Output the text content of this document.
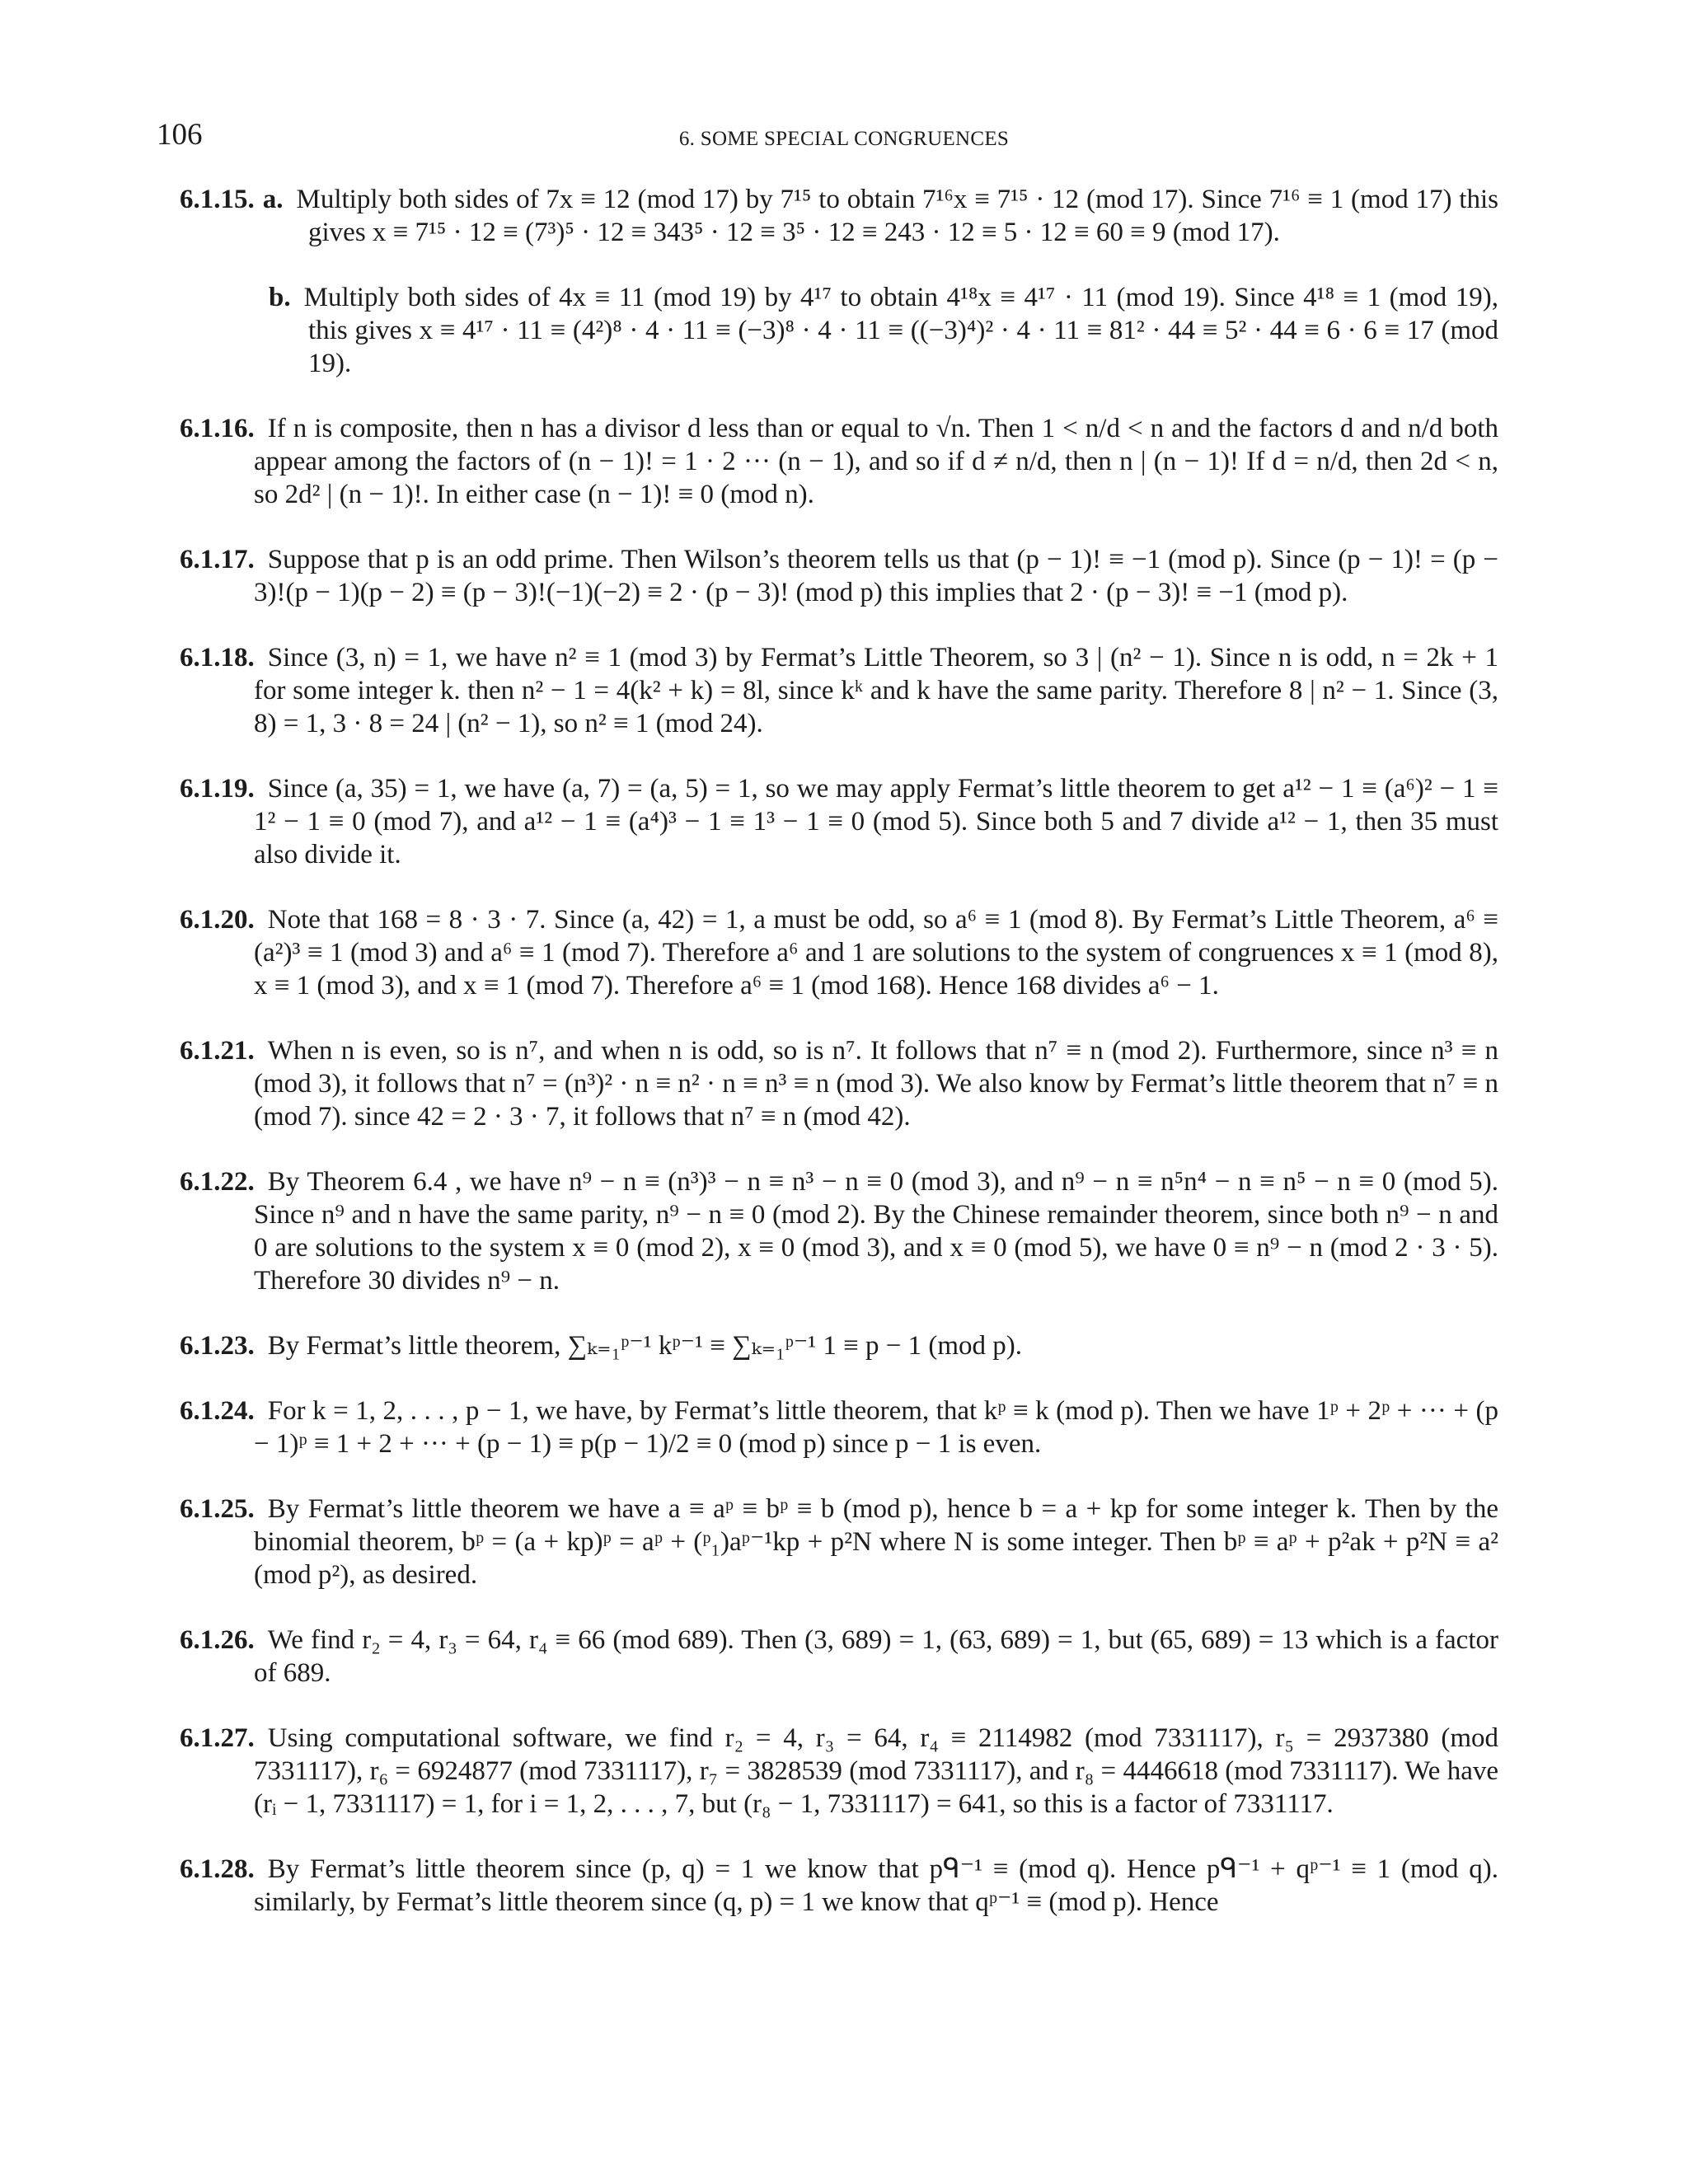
106	6. SOME SPECIAL CONGRUENCES
6.1.15. a. Multiply both sides of 7x ≡ 12 (mod 17) by 7¹⁵ to obtain 7¹⁶x ≡ 7¹⁵ · 12 (mod 17). Since 7¹⁶ ≡ 1 (mod 17) this gives x ≡ 7¹⁵ · 12 ≡ (7³)⁵ · 12 ≡ 343⁵ · 12 ≡ 3⁵ · 12 ≡ 243 · 12 ≡ 5 · 12 ≡ 60 ≡ 9 (mod 17).
b. Multiply both sides of 4x ≡ 11 (mod 19) by 4¹⁷ to obtain 4¹⁸x ≡ 4¹⁷ · 11 (mod 19). Since 4¹⁸ ≡ 1 (mod 19), this gives x ≡ 4¹⁷ · 11 ≡ (4²)⁸ · 4 · 11 ≡ (−3)⁸ · 4 · 11 ≡ ((−3)⁴)² · 4 · 11 ≡ 81² · 44 ≡ 5² · 44 ≡ 6 · 6 ≡ 17 (mod 19).
6.1.16. If n is composite, then n has a divisor d less than or equal to √n. Then 1 < n/d < n and the factors d and n/d both appear among the factors of (n − 1)! = 1 · 2 ··· (n − 1), and so if d ≠ n/d, then n | (n − 1)! If d = n/d, then 2d < n, so 2d² | (n − 1)!. In either case (n − 1)! ≡ 0 (mod n).
6.1.17. Suppose that p is an odd prime. Then Wilson’s theorem tells us that (p − 1)! ≡ −1 (mod p). Since (p − 1)! = (p − 3)!(p − 1)(p − 2) ≡ (p − 3)!(−1)(−2) ≡ 2 · (p − 3)! (mod p) this implies that 2 · (p − 3)! ≡ −1 (mod p).
6.1.18. Since (3, n) = 1, we have n² ≡ 1 (mod 3) by Fermat’s Little Theorem, so 3 | (n² − 1). Since n is odd, n = 2k + 1 for some integer k. then n² − 1 = 4(k² + k) = 8l, since kᵏ and k have the same parity. Therefore 8 | n² − 1. Since (3, 8) = 1, 3 · 8 = 24 | (n² − 1), so n² ≡ 1 (mod 24).
6.1.19. Since (a, 35) = 1, we have (a, 7) = (a, 5) = 1, so we may apply Fermat’s little theorem to get a¹² − 1 ≡ (a⁶)² − 1 ≡ 1² − 1 ≡ 0 (mod 7), and a¹² − 1 ≡ (a⁴)³ − 1 ≡ 1³ − 1 ≡ 0 (mod 5). Since both 5 and 7 divide a¹² − 1, then 35 must also divide it.
6.1.20. Note that 168 = 8 · 3 · 7. Since (a, 42) = 1, a must be odd, so a⁶ ≡ 1 (mod 8). By Fermat’s Little Theorem, a⁶ ≡ (a²)³ ≡ 1 (mod 3) and a⁶ ≡ 1 (mod 7). Therefore a⁶ and 1 are solutions to the system of congruences x ≡ 1 (mod 8), x ≡ 1 (mod 3), and x ≡ 1 (mod 7). Therefore a⁶ ≡ 1 (mod 168). Hence 168 divides a⁶ − 1.
6.1.21. When n is even, so is n⁷, and when n is odd, so is n⁷. It follows that n⁷ ≡ n (mod 2). Furthermore, since n³ ≡ n (mod 3), it follows that n⁷ = (n³)² · n ≡ n² · n ≡ n³ ≡ n (mod 3). We also know by Fermat’s little theorem that n⁷ ≡ n (mod 7). since 42 = 2 · 3 · 7, it follows that n⁷ ≡ n (mod 42).
6.1.22. By Theorem 6.4 , we have n⁹ − n ≡ (n³)³ − n ≡ n³ − n ≡ 0 (mod 3), and n⁹ − n ≡ n⁵n⁴ − n ≡ n⁵ − n ≡ 0 (mod 5). Since n⁹ and n have the same parity, n⁹ − n ≡ 0 (mod 2). By the Chinese remainder theorem, since both n⁹ − n and 0 are solutions to the system x ≡ 0 (mod 2), x ≡ 0 (mod 3), and x ≡ 0 (mod 5), we have 0 ≡ n⁹ − n (mod 2 · 3 · 5). Therefore 30 divides n⁹ − n.
6.1.23. By Fermat’s little theorem, ∑ₖ₌₁ᵖ⁻¹ kᵖ⁻¹ ≡ ∑ₖ₌₁ᵖ⁻¹ 1 ≡ p − 1 (mod p).
6.1.24. For k = 1, 2, . . . , p − 1, we have, by Fermat’s little theorem, that kᵖ ≡ k (mod p). Then we have 1ᵖ + 2ᵖ + ··· + (p − 1)ᵖ ≡ 1 + 2 + ··· + (p − 1) ≡ p(p − 1)/2 ≡ 0 (mod p) since p − 1 is even.
6.1.25. By Fermat’s little theorem we have a ≡ aᵖ ≡ bᵖ ≡ b (mod p), hence b = a + kp for some integer k. Then by the binomial theorem, bᵖ = (a + kp)ᵖ = aᵖ + (ᵖ₁)aᵖ⁻¹kp + p²N where N is some integer. Then bᵖ ≡ aᵖ + p²ak + p²N ≡ a² (mod p²), as desired.
6.1.26. We find r₂ = 4, r₃ = 64, r₄ ≡ 66 (mod 689). Then (3, 689) = 1, (63, 689) = 1, but (65, 689) = 13 which is a factor of 689.
6.1.27. Using computational software, we find r₂ = 4, r₃ = 64, r₄ ≡ 2114982 (mod 7331117), r₅ = 2937380 (mod 7331117), r₆ = 6924877 (mod 7331117), r₇ = 3828539 (mod 7331117), and r₈ = 4446618 (mod 7331117). We have (rᵢ − 1, 7331117) = 1, for i = 1, 2, . . . , 7, but (r₈ − 1, 7331117) = 641, so this is a factor of 7331117.
6.1.28. By Fermat’s little theorem since (p, q) = 1 we know that pᑫ⁻¹ ≡ (mod q). Hence pᑫ⁻¹ + qᵖ⁻¹ ≡ 1 (mod q). similarly, by Fermat’s little theorem since (q, p) = 1 we know that qᵖ⁻¹ ≡ (mod p). Hence
